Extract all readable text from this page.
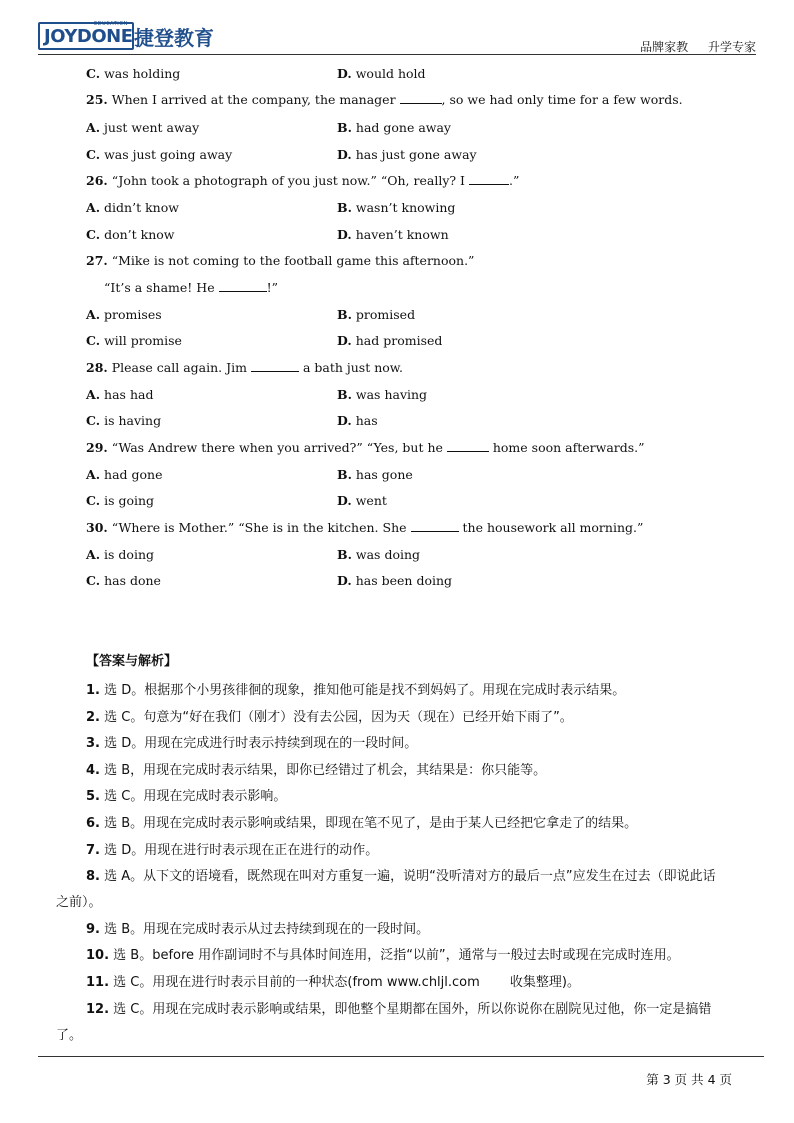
JOYDONE
EDUCATION
捷登教育	品牌家教 升学专家
C. was holding	D. would hold
25. When I arrived at the company, the manager	, so we had only time for a few words.
A. just went away	B. had gone away
C. was just going away	D. has just gone away
26. “John took a photograph of you just now.” “Oh, really? I	.”
A. didn’t know	B. wasn’t knowing
C. don’t know	D. haven’t known
27. “Mike is not coming to the football game this afternoon.”
“It’s a shame! He	!”
A. promises	B. promised
C. will promise	D. had promised
28. Please call again. Jim	a bath just now.
A. has had	B. was having
C. is having	D. has
29. “Was Andrew there when you arrived?” “Yes, but he	home soon afterwards.”
A. had gone	B. has gone
C. is going	D. went
30. “Where is Mother.” “She is in the kitchen. She	the housework all morning.”
A. is doing	B. was doing
C. has done	D. has been doing
【答案与解析】
1. 选 D。根据那个小男孩徘徊的现象，推知他可能是找不到妈妈了。用现在完成时表示结果。
2. 选 C。句意为“好在我们（刚才）没有去公园，因为天（现在）已经开始下雨了”。
3. 选 D。用现在完成进行时表示持续到现在的一段时间。
4. 选 B，用现在完成时表示结果，即你已经错过了机会，其结果是：你只能等。
5. 选 C。用现在完成时表示影响。
6. 选 B。用现在完成时表示影响或结果，即现在笔不见了，是由于某人已经把它拿走了的结果。
7. 选 D。用现在进行时表示现在正在进行的动作。
8. 选 A。从下文的语境看，既然现在叫对方重复一遍，说明“没听清对方的最后一点”应发生在过去（即说此话
之前）。
9. 选 B。用现在完成时表示从过去持续到现在的一段时间。
10. 选 B。before 用作副词时不与具体时间连用，泛指“以前”，通常与一般过去时或现在完成时连用。
11. 选 C。用现在进行时表示目前的一种状态(from www.chljl.com 　　收集整理)。
12. 选 C。用现在完成时表示影响或结果，即他整个星期都在国外，所以你说你在剧院见过他，你一定是搞错
了。
第 3 页 共 4 页
